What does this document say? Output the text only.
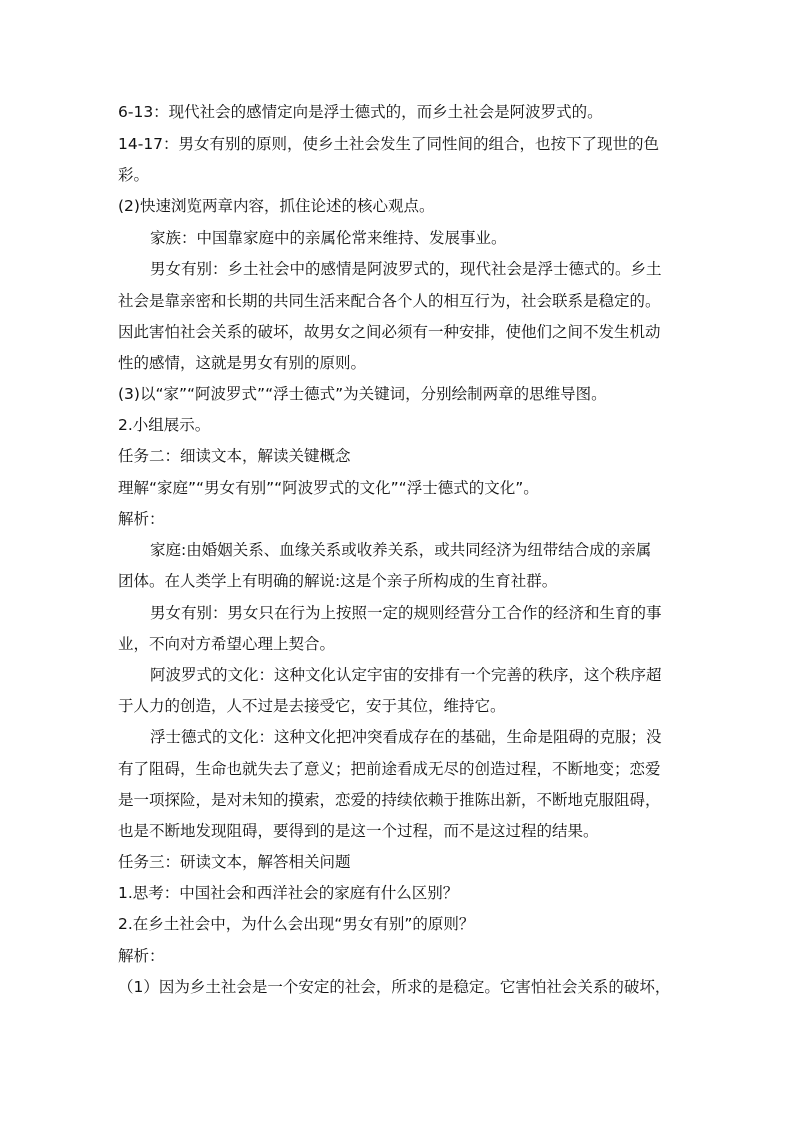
6-13：现代社会的感情定向是浮士德式的，而乡土社会是阿波罗式的。
14-17：男女有别的原则，使乡土社会发生了同性间的组合，也按下了现世的色
彩。
(2)快速浏览两章内容，抓住论述的核心观点。
家族：中国靠家庭中的亲属伦常来维持、发展事业。
男女有别：乡土社会中的感情是阿波罗式的，现代社会是浮士德式的。乡土
社会是靠亲密和长期的共同生活来配合各个人的相互行为，社会联系是稳定的。
因此害怕社会关系的破坏，故男女之间必须有一种安排，使他们之间不发生机动
性的感情，这就是男女有别的原则。
(3)以“家”“阿波罗式”“浮士德式”为关键词，分别绘制两章的思维导图。
2.小组展示。
任务二：细读文本，解读关键概念
理解“家庭”“男女有别”“阿波罗式的文化”“浮士德式的文化”。
解析：
家庭:由婚姻关系、血缘关系或收养关系，或共同经济为纽带结合成的亲属
团体。在人类学上有明确的解说:这是个亲子所构成的生育社群。
男女有别：男女只在行为上按照一定的规则经营分工合作的经济和生育的事
业，不向对方希望心理上契合。
阿波罗式的文化：这种文化认定宇宙的安排有一个完善的秩序，这个秩序超
于人力的创造，人不过是去接受它，安于其位，维持它。
浮士德式的文化：这种文化把冲突看成存在的基础，生命是阻碍的克服；没
有了阻碍，生命也就失去了意义；把前途看成无尽的创造过程，不断地变；恋爱
是一项探险，是对未知的摸索，恋爱的持续依赖于推陈出新，不断地克服阻碍，
也是不断地发现阻碍，要得到的是这一个过程，而不是这过程的结果。
任务三：研读文本，解答相关问题
1.思考：中国社会和西洋社会的家庭有什么区别？
2.在乡土社会中，为什么会出现“男女有别”的原则？
解析：
（1）因为乡土社会是一个安定的社会，所求的是稳定。它害怕社会关系的破坏，
